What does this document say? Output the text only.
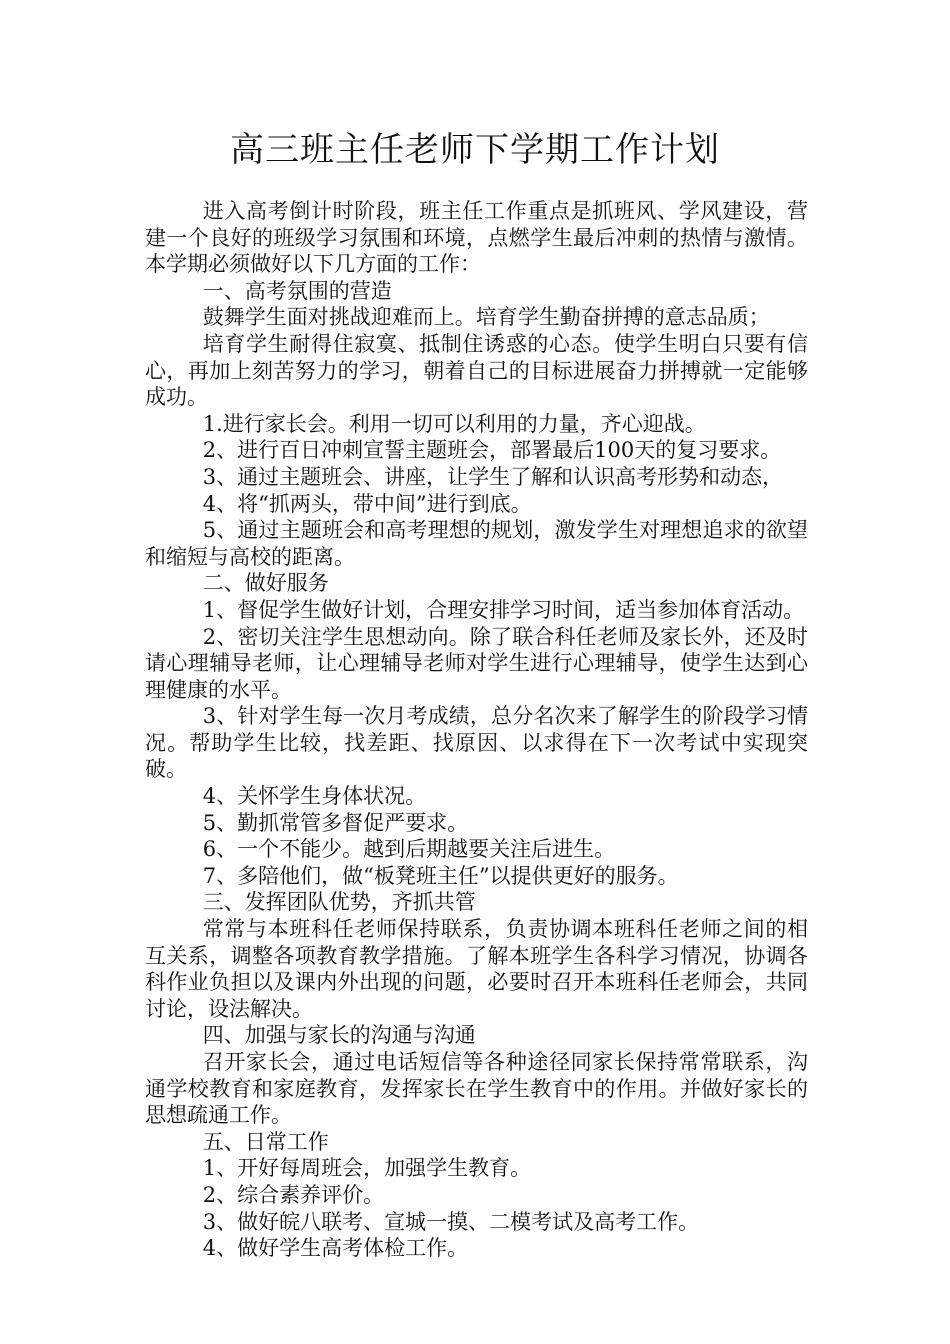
高三班主任老师下学期工作计划

进入高考倒计时阶段，班主任工作重点是抓班风、学风建设，营建一个良好的班级学习氛围和环境，点燃学生最后冲刺的热情与激情。本学期必须做好以下几方面的工作：

一、高考氛围的营造

鼓舞学生面对挑战迎难而上。培育学生勤奋拼搏的意志品质；

培育学生耐得住寂寞、抵制住诱惑的心态。使学生明白只要有信心，再加上刻苦努力的学习，朝着自己的目标进展奋力拼搏就一定能够成功。

1.进行家长会。利用一切可以利用的力量，齐心迎战。

2、进行百日冲刺宣誓主题班会，部署最后100天的复习要求。

3、通过主题班会、讲座，让学生了解和认识高考形势和动态，

4、将“抓两头，带中间”进行到底。

5、通过主题班会和高考理想的规划，激发学生对理想追求的欲望和缩短与高校的距离。

二、做好服务

1、督促学生做好计划，合理安排学习时间，适当参加体育活动。

2、密切关注学生思想动向。除了联合科任老师及家长外，还及时请心理辅导老师，让心理辅导老师对学生进行心理辅导，使学生达到心理健康的水平。

3、针对学生每一次月考成绩，总分名次来了解学生的阶段学习情况。帮助学生比较，找差距、找原因、以求得在下一次考试中实现突破。

4、关怀学生身体状况。

5、勤抓常管多督促严要求。

6、一个不能少。越到后期越要关注后进生。

7、多陪他们，做“板凳班主任”以提供更好的服务。

三、发挥团队优势，齐抓共管

常常与本班科任老师保持联系，负责协调本班科任老师之间的相互关系，调整各项教育教学措施。了解本班学生各科学习情况，协调各科作业负担以及课内外出现的问题，必要时召开本班科任老师会，共同讨论，设法解决。

四、加强与家长的沟通与沟通

召开家长会，通过电话短信等各种途径同家长保持常常联系，沟通学校教育和家庭教育，发挥家长在学生教育中的作用。并做好家长的思想疏通工作。

五、日常工作

1、开好每周班会，加强学生教育。

2、综合素养评价。

3、做好皖八联考、宣城一摸、二模考试及高考工作。

4、做好学生高考体检工作。
